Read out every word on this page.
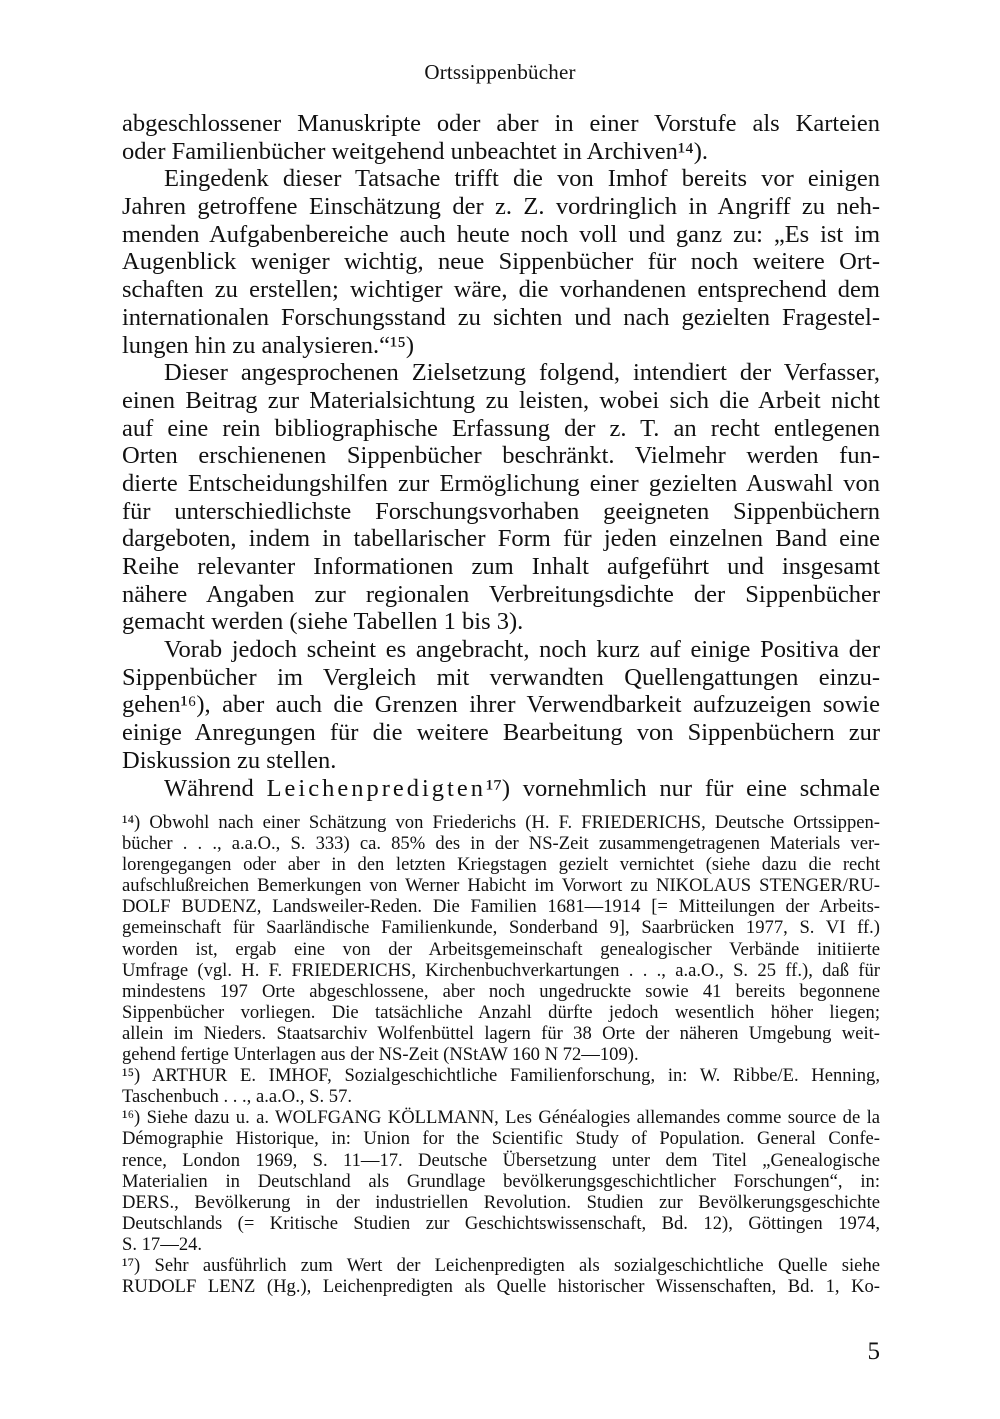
Ortssippenbücher
abgeschlossener Manuskripte oder aber in einer Vorstufe als Karteien
oder Familienbücher weitgehend unbeachtet in Archiven¹⁴).
Eingedenk dieser Tatsache trifft die von Imhof bereits vor einigen
Jahren getroffene Einschätzung der z. Z. vordringlich in Angriff zu neh-
menden Aufgabenbereiche auch heute noch voll und ganz zu: „Es ist im
Augenblick weniger wichtig, neue Sippenbücher für noch weitere Ort-
schaften zu erstellen; wichtiger wäre, die vorhandenen entsprechend dem
internationalen Forschungsstand zu sichten und nach gezielten Fragestel-
lungen hin zu analysieren.“¹⁵)
Dieser angesprochenen Zielsetzung folgend, intendiert der Verfasser,
einen Beitrag zur Materialsichtung zu leisten, wobei sich die Arbeit nicht
auf eine rein bibliographische Erfassung der z. T. an recht entlegenen
Orten erschienenen Sippenbücher beschränkt. Vielmehr werden fun-
dierte Entscheidungshilfen zur Ermöglichung einer gezielten Auswahl von
für unterschiedlichste Forschungsvorhaben geeigneten Sippenbüchern
dargeboten, indem in tabellarischer Form für jeden einzelnen Band eine
Reihe relevanter Informationen zum Inhalt aufgeführt und insgesamt
nähere Angaben zur regionalen Verbreitungsdichte der Sippenbücher
gemacht werden (siehe Tabellen 1 bis 3).
Vorab jedoch scheint es angebracht, noch kurz auf einige Positiva der
Sippenbücher im Vergleich mit verwandten Quellengattungen einzu-
gehen¹⁶), aber auch die Grenzen ihrer Verwendbarkeit aufzuzeigen sowie
einige Anregungen für die weitere Bearbeitung von Sippenbüchern zur
Diskussion zu stellen.
Während Leichenpredigten¹⁷) vornehmlich nur für eine schmale
¹⁴) Obwohl nach einer Schätzung von Friederichs (H. F. FRIEDERICHS, Deutsche Ortssippen-
bücher . . ., a.a.O., S. 333) ca. 85% des in der NS-Zeit zusammengetragenen Materials ver-
lorengegangen oder aber in den letzten Kriegstagen gezielt vernichtet (siehe dazu die recht
aufschlußreichen Bemerkungen von Werner Habicht im Vorwort zu NIKOLAUS STENGER/RU-
DOLF BUDENZ, Landsweiler-Reden. Die Familien 1681—1914 [= Mitteilungen der Arbeits-
gemeinschaft für Saarländische Familienkunde, Sonderband 9], Saarbrücken 1977, S. VI ff.)
worden ist, ergab eine von der Arbeitsgemeinschaft genealogischer Verbände initiierte
Umfrage (vgl. H. F. FRIEDERICHS, Kirchenbuchverkartungen . . ., a.a.O., S. 25 ff.), daß für
mindestens 197 Orte abgeschlossene, aber noch ungedruckte sowie 41 bereits begonnene
Sippenbücher vorliegen. Die tatsächliche Anzahl dürfte jedoch wesentlich höher liegen;
allein im Nieders. Staatsarchiv Wolfenbüttel lagern für 38 Orte der näheren Umgebung weit-
gehend fertige Unterlagen aus der NS-Zeit (NStAW 160 N 72—109).
¹⁵) ARTHUR E. IMHOF, Sozialgeschichtliche Familienforschung, in: W. Ribbe/E. Henning,
Taschenbuch . . ., a.a.O., S. 57.
¹⁶) Siehe dazu u. a. WOLFGANG KÖLLMANN, Les Généalogies allemandes comme source de la
Démographie Historique, in: Union for the Scientific Study of Population. General Confe-
rence, London 1969, S. 11—17. Deutsche Übersetzung unter dem Titel „Genealogische
Materialien in Deutschland als Grundlage bevölkerungsgeschichtlicher Forschungen“, in:
DERS., Bevölkerung in der industriellen Revolution. Studien zur Bevölkerungsgeschichte
Deutschlands (= Kritische Studien zur Geschichtswissenschaft, Bd. 12), Göttingen 1974,
S. 17—24.
¹⁷) Sehr ausführlich zum Wert der Leichenpredigten als sozialgeschichtliche Quelle siehe
RUDOLF LENZ (Hg.), Leichenpredigten als Quelle historischer Wissenschaften, Bd. 1, Ko-
5
